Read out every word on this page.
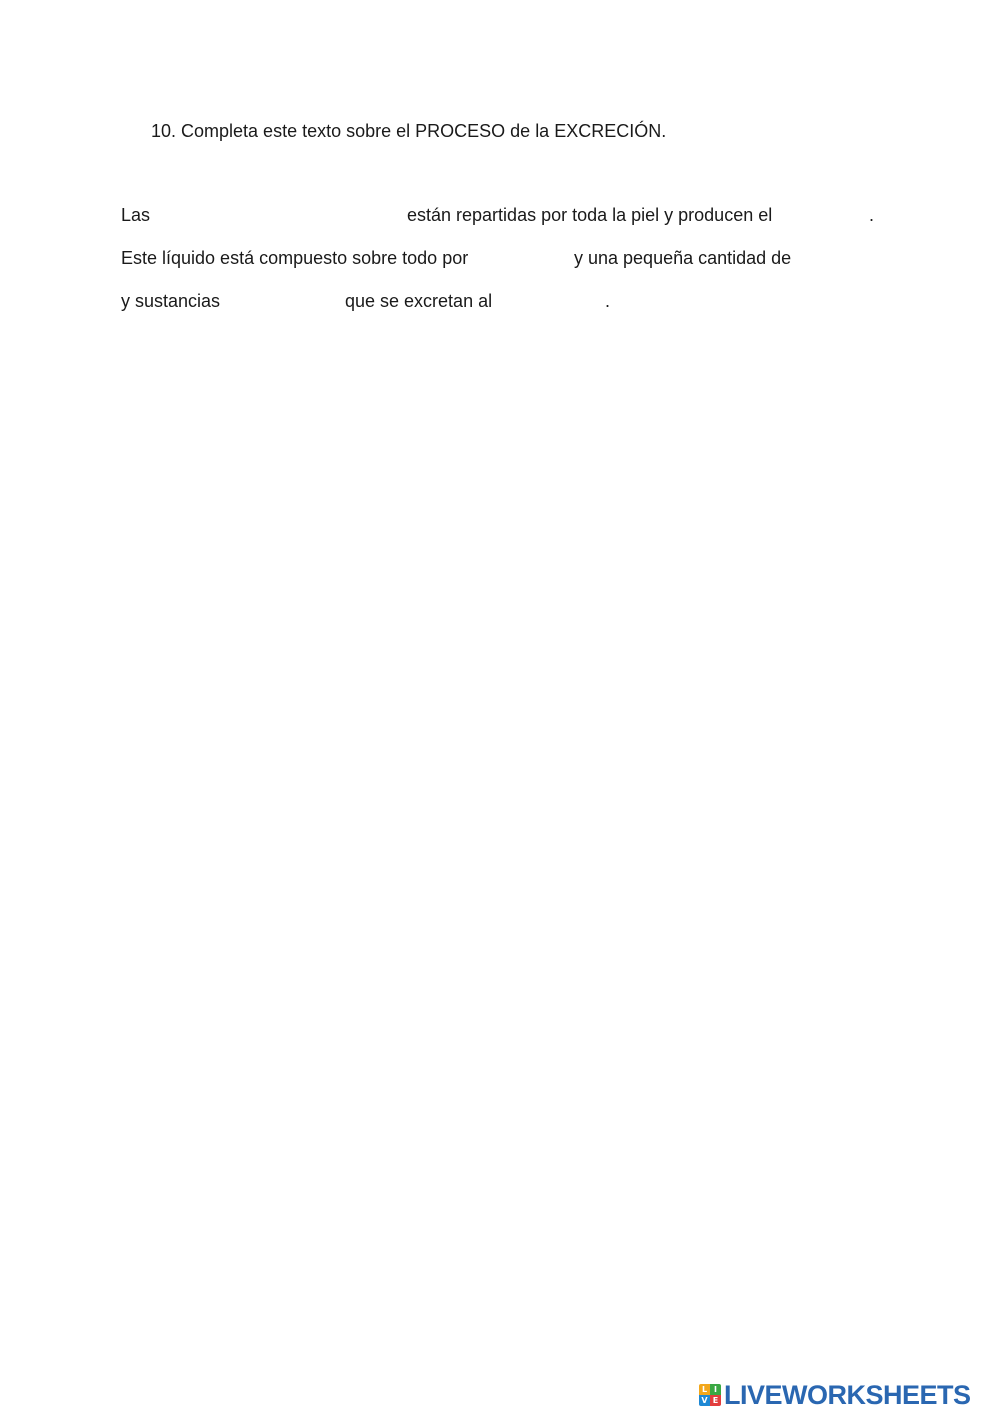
10. Completa este texto sobre el PROCESO de la EXCRECIÓN.
Las	están repartidas por toda la piel y producen el	.
Este líquido está compuesto sobre todo por	y una pequeña cantidad de
y sustancias	que se excretan al	.
L I
V E LIVEWORKSHEETS
